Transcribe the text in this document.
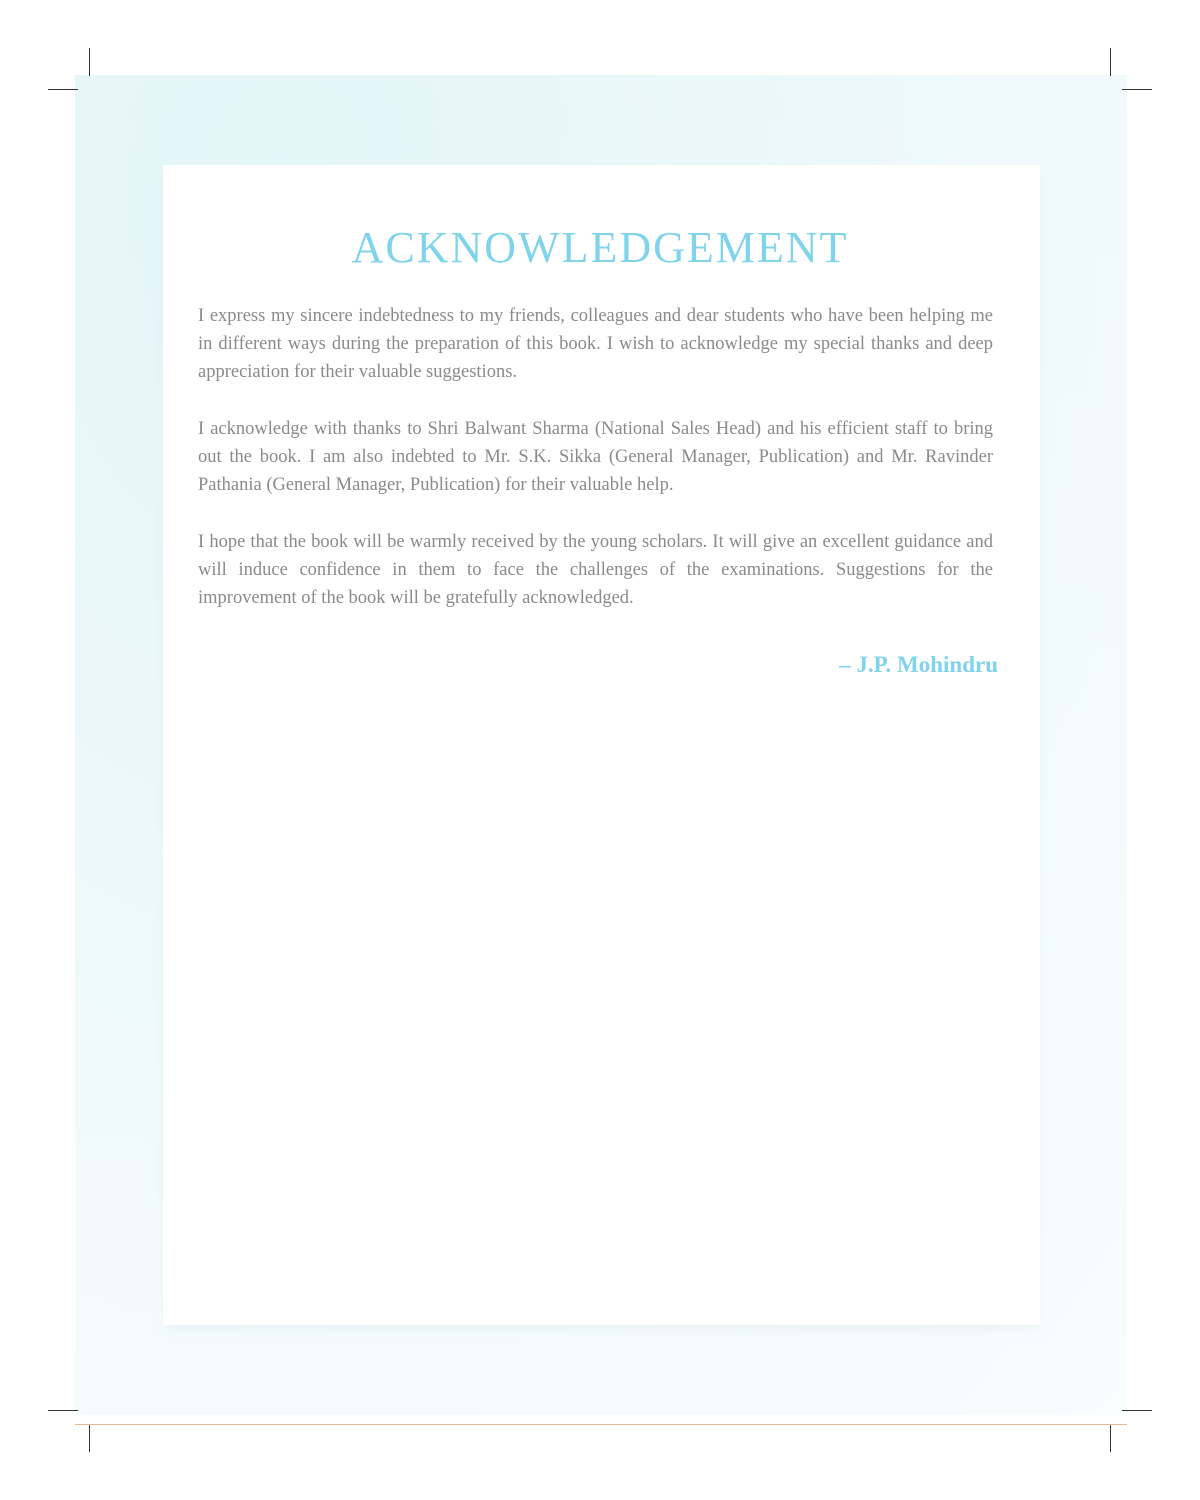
ACKNOWLEDGEMENT

I express my sincere indebtedness to my friends, colleagues and dear students who have been helping me in different ways during the preparation of this book. I wish to acknowledge my special thanks and deep appreciation for their valuable suggestions.

I acknowledge with thanks to Shri Balwant Sharma (National Sales Head) and his efficient staff to bring out the book. I am also indebted to Mr. S.K. Sikka (General Manager, Publication) and Mr. Ravinder Pathania (General Manager, Publication) for their valuable help.

I hope that the book will be warmly received by the young scholars. It will give an excellent guidance and will induce confidence in them to face the challenges of the examinations. Suggestions for the improvement of the book will be gratefully acknowledged.

– J.P. Mohindru
